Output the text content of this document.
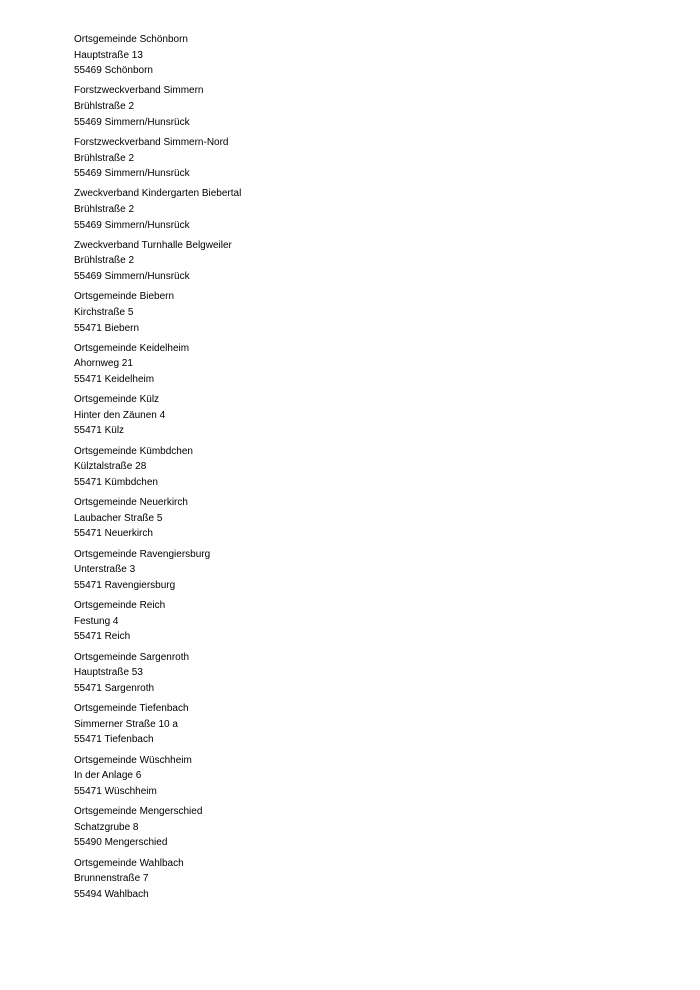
Ortsgemeinde Schönborn
Hauptstraße 13
55469 Schönborn
Forstzweckverband Simmern
Brühlstraße 2
55469 Simmern/Hunsrück
Forstzweckverband Simmern-Nord
Brühlstraße 2
55469 Simmern/Hunsrück
Zweckverband Kindergarten Biebertal
Brühlstraße 2
55469 Simmern/Hunsrück
Zweckverband Turnhalle Belgweiler
Brühlstraße 2
55469 Simmern/Hunsrück
Ortsgemeinde Biebern
Kirchstraße 5
55471 Biebern
Ortsgemeinde Keidelheim
Ahornweg 21
55471 Keidelheim
Ortsgemeinde Külz
Hinter den Zäunen 4
55471 Külz
Ortsgemeinde Kümbdchen
Külztalstraße 28
55471 Kümbdchen
Ortsgemeinde Neuerkirch
Laubacher Straße 5
55471 Neuerkirch
Ortsgemeinde Ravengiersburg
Unterstraße 3
55471 Ravengiersburg
Ortsgemeinde Reich
Festung 4
55471 Reich
Ortsgemeinde Sargenroth
Hauptstraße 53
55471 Sargenroth
Ortsgemeinde Tiefenbach
Simmerner Straße 10 a
55471 Tiefenbach
Ortsgemeinde Wüschheim
In der Anlage 6
55471 Wüschheim
Ortsgemeinde Mengerschied
Schatzgrube 8
55490 Mengerschied
Ortsgemeinde Wahlbach
Brunnenstraße 7
55494 Wahlbach
